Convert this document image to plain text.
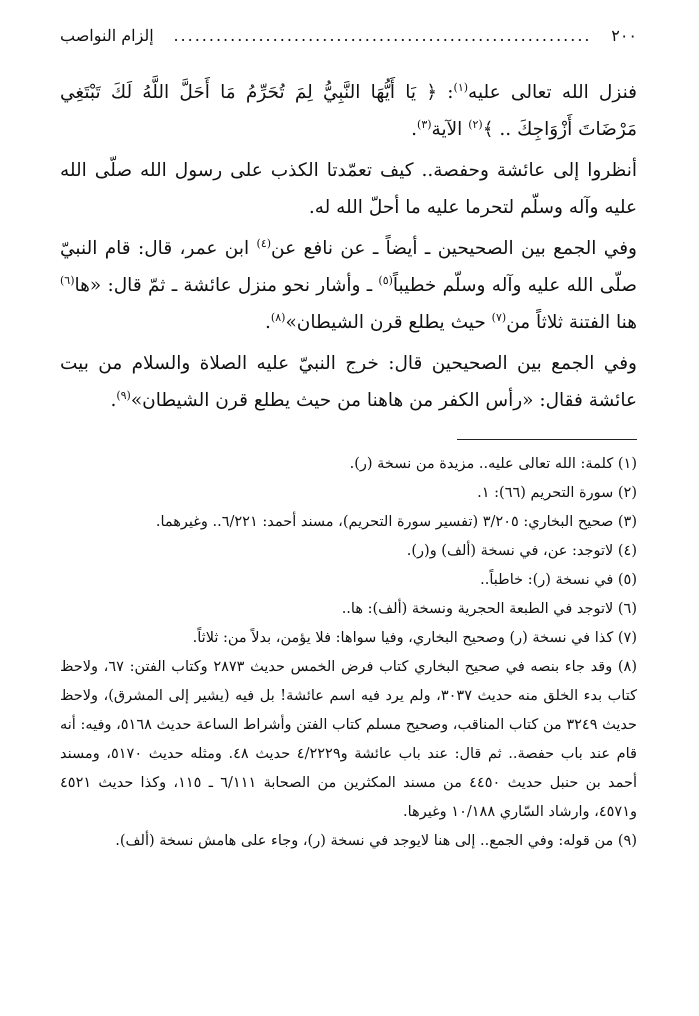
٢٠٠
...........................................................
إلزام النواصب

فنزل الله تعالى عليه$^{(١)}$: ﴿ يَا أَيُّهَا النَّبِيُّ لِمَ تُحَرِّمُ مَا أَحَلَّ اللَّهُ لَكَ تَبْتَغِي مَرْضَاتَ أَزْوَاجِكَ .. ﴾$^{(٢)}$ الآية$^{(٣)}$.

أنظروا إلى عائشة وحفصة.. كيف تعمّدتا الكذب على رسول الله صلّى الله عليه وآله وسلّم لتحرما عليه ما أحلّ الله له.

وفي الجمع بين الصحيحين ـ أيضاً ـ عن نافع عن$^{(٤)}$ ابن عمر، قال: قام النبيّ صلّى الله عليه وآله وسلّم خطيباً$^{(٥)}$ ـ وأشار نحو منزل عائشة ـ ثمّ قال: «ها$^{(٦)}$ هنا الفتنة ثلاثاً من$^{(٧)}$ حيث يطلع قرن الشيطان»$^{(٨)}$.

وفي الجمع بين الصحيحين قال: خرج النبيّ عليه الصلاة والسلام من بيت عائشة فقال: «رأس الكفر من هاهنا من حيث يطلع قرن الشيطان»$^{(٩)}$.

(١) كلمة: الله تعالى عليه.. مزيدة من نسخة (ر).

(٢) سورة التحريم (٦٦): ١.

(٣) صحيح البخاري: ٣/٢٠٥ (تفسير سورة التحريم)، مسند أحمد: ٦/٢٢١.. وغيرهما.

(٤) لاتوجد: عن، في نسخة (ألف) و(ر).

(٥) في نسخة (ر): خاطباً..

(٦) لاتوجد في الطبعة الحجرية ونسخة (ألف): ها..

(٧) كذا في نسخة (ر) وصحيح البخاري، وفيا سواها: فلا يؤمن، بدلاً من: ثلاثاً.

(٨) وقد جاء بنصه في صحيح البخاري كتاب فرض الخمس حديث ٢٨٧٣ وكتاب الفتن: ٦٧، ولاحظ كتاب بدء الخلق منه حديث ٣٠٣٧، ولم يرد فيه اسم عائشة! بل فيه (يشير إلى المشرق)، ولاحظ حديث ٣٢٤٩ من كتاب المناقب، وصحيح مسلم كتاب الفتن وأشراط الساعة حديث ٥١٦٨، وفيه: أنه قام عند باب حفصة.. ثم قال: عند باب عائشة و٤/٢٢٢٩ حديث ٤٨. ومثله حديث ٥١٧٠، ومسند أحمد بن حنبل حديث ٤٤٥٠ من مسند المكثرين من الصحابة ٦/١١١ ـ ١١٥، وكذا حديث ٤٥٢١ و٤٥٧١، وارشاد السّاري ١٠/١٨٨ وغيرها.

(٩) من قوله: وفي الجمع.. إلى هنا لايوجد في نسخة (ر)، وجاء على هامش نسخة (ألف).
